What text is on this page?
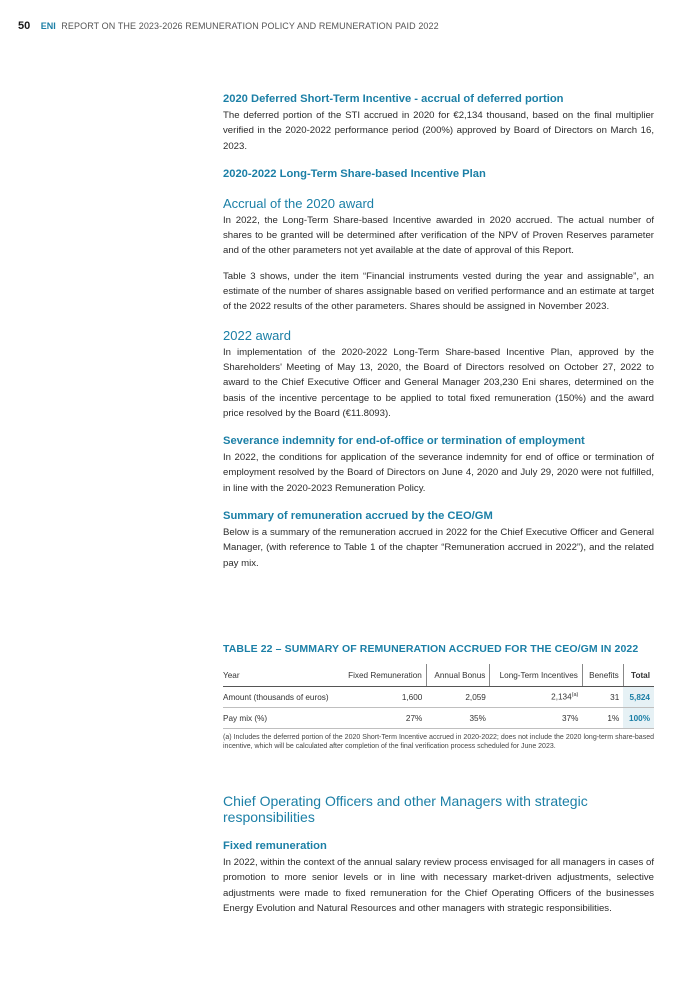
50 ENI REPORT ON THE 2023-2026 REMUNERATION POLICY AND REMUNERATION PAID 2022

2020 Deferred Short-Term Incentive - accrual of deferred portion

The deferred portion of the STI accrued in 2020 for €2,134 thousand, based on the final multiplier verified in the 2020-2022 performance period (200%) approved by Board of Directors on March 16, 2023.

2020-2022 Long-Term Share-based Incentive Plan

Accrual of the 2020 award

In 2022, the Long-Term Share-based Incentive awarded in 2020 accrued. The actual number of shares to be granted will be determined after verification of the NPV of Proven Reserves parameter and of the other parameters not yet available at the date of approval of this Report.

Table 3 shows, under the item “Financial instruments vested during the year and assignable”, an estimate of the number of shares assignable based on verified performance and an estimate at target of the 2022 results of the other parameters. Shares should be assigned in November 2023.

2022 award

In implementation of the 2020-2022 Long-Term Share-based Incentive Plan, approved by the Shareholders' Meeting of May 13, 2020, the Board of Directors resolved on October 27, 2022 to award to the Chief Executive Officer and General Manager 203,230 Eni shares, determined on the basis of the incentive percentage to be applied to total fixed remuneration (150%) and the award price resolved by the Board (€11.8093).

Severance indemnity for end-of-office or termination of employment

In 2022, the conditions for application of the severance indemnity for end of office or termination of employment resolved by the Board of Directors on June 4, 2020 and July 29, 2020 were not fulfilled, in line with the 2020-2023 Remuneration Policy.

Summary of remuneration accrued by the CEO/GM

Below is a summary of the remuneration accrued in 2022 for the Chief Executive Officer and General Manager, (with reference to Table 1 of the chapter “Remuneration accrued in 2022”), and the related pay mix.

TABLE 22 – SUMMARY OF REMUNERATION ACCRUED FOR THE CEO/GM IN 2022
Year	Fixed Remuneration	Annual Bonus	Long-Term Incentives	Benefits	Total
Amount (thousands of euros)	1,600	2,059	2,134$^{(a)}$	31	5,824
Pay mix (%)	27%	35%	37%	1%	100%
(a) Includes the deferred portion of the 2020 Short-Term Incentive accrued in 2020-2022; does not include the 2020 long-term share-based incentive, which will be calculated after completion of the final verification process scheduled for June 2023.

Chief Operating Officers and other Managers with strategic responsibilities

Fixed remuneration

In 2022, within the context of the annual salary review process envisaged for all managers in cases of promotion to more senior levels or in line with necessary market-driven adjustments, selective adjustments were made to fixed remuneration for the Chief Operating Officers of the businesses Energy Evolution and Natural Resources and other managers with strategic responsibilities.
